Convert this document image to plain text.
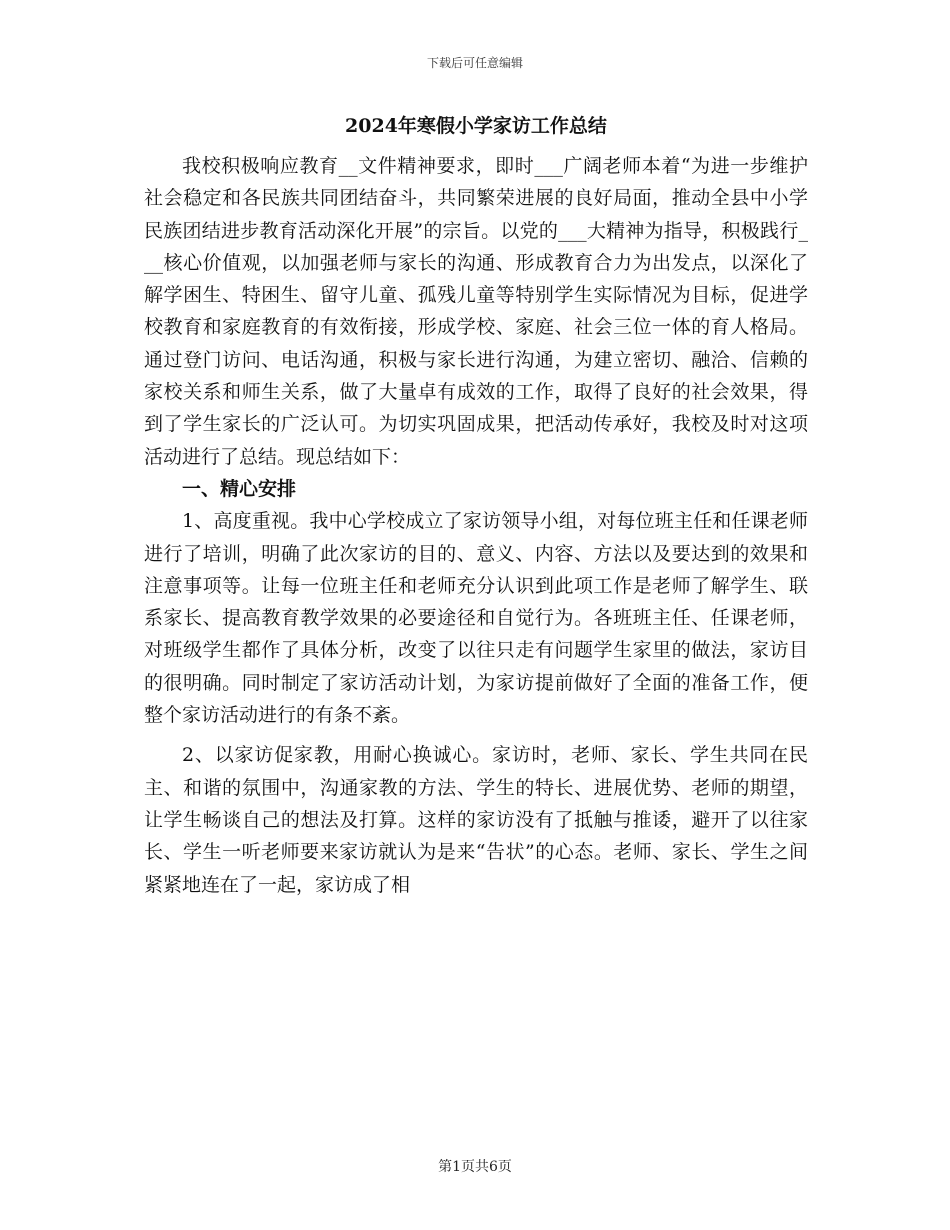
下载后可任意编辑
2024年寒假小学家访工作总结

我校积极响应教育__文件精神要求，即时___广阔老师本着“为进一步维护社会稳定和各民族共同团结奋斗，共同繁荣进展的良好局面，推动全县中小学民族团结进步教育活动深化开展”的宗旨。以党的___大精神为指导，积极践行___核心价值观，以加强老师与家长的沟通、形成教育合力为出发点，以深化了解学困生、特困生、留守儿童、孤残儿童等特别学生实际情况为目标，促进学校教育和家庭教育的有效衔接，形成学校、家庭、社会三位一体的育人格局。通过登门访问、电话沟通，积极与家长进行沟通，为建立密切、融洽、信赖的家校关系和师生关系，做了大量卓有成效的工作，取得了良好的社会效果，得到了学生家长的广泛认可。为切实巩固成果，把活动传承好，我校及时对这项活动进行了总结。现总结如下：

一、精心安排

1、高度重视。我中心学校成立了家访领导小组，对每位班主任和任课老师进行了培训，明确了此次家访的目的、意义、内容、方法以及要达到的效果和注意事项等。让每一位班主任和老师充分认识到此项工作是老师了解学生、联系家长、提高教育教学效果的必要途径和自觉行为。各班班主任、任课老师，对班级学生都作了具体分析，改变了以往只走有问题学生家里的做法，家访目的很明确。同时制定了家访活动计划，为家访提前做好了全面的准备工作，便整个家访活动进行的有条不紊。

2、以家访促家教，用耐心换诚心。家访时，老师、家长、学生共同在民主、和谐的氛围中，沟通家教的方法、学生的特长、进展优势、老师的期望，让学生畅谈自己的想法及打算。这样的家访没有了抵触与推诿，避开了以往家长、学生一听老师要来家访就认为是来“告状”的心态。老师、家长、学生之间紧紧地连在了一起，家访成了相

第1页共6页
